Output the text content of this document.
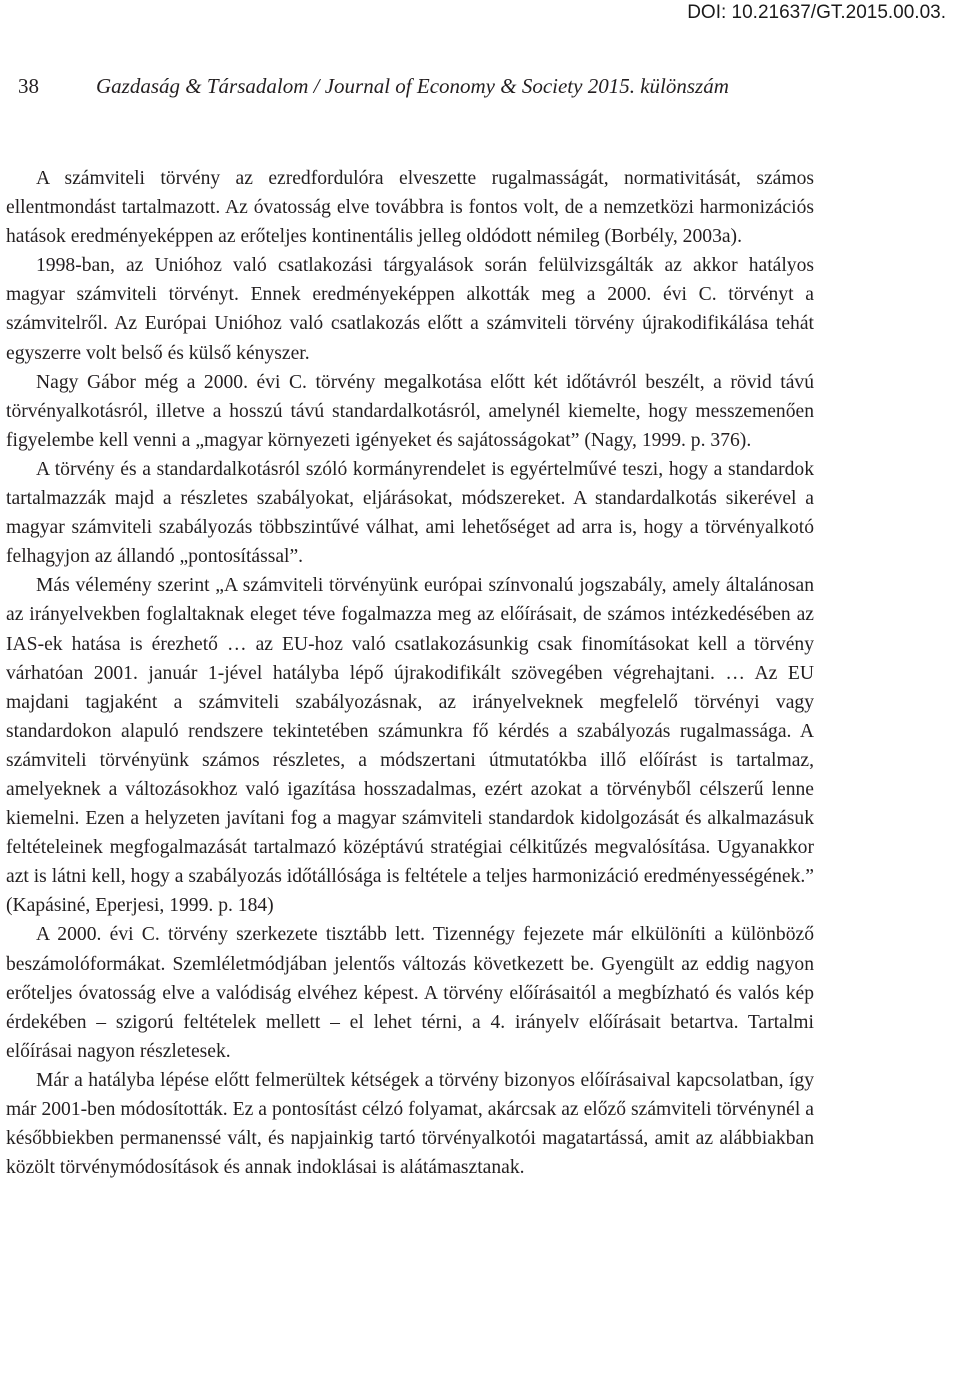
DOI: 10.21637/GT.2015.00.03.
38	Gazdaság & Társadalom / Journal of Economy & Society 2015. különszám

A számviteli törvény az ezredfordulóra elveszette rugalmasságát, normativitását, számos ellentmondást tartalmazott. Az óvatosság elve továbbra is fontos volt, de a nemzetközi harmonizációs hatások eredményeképpen az erőteljes kontinentális jelleg oldódott némileg (Borbély, 2003a).

1998-ban, az Unióhoz való csatlakozási tárgyalások során felülvizsgálták az akkor hatályos magyar számviteli törvényt. Ennek eredményeképpen alkották meg a 2000. évi C. törvényt a számvitelről. Az Európai Unióhoz való csatlakozás előtt a számviteli törvény újrakodifikálása tehát egyszerre volt belső és külső kényszer.

Nagy Gábor még a 2000. évi C. törvény megalkotása előtt két időtávról beszélt, a rövid távú törvényalkotásról, illetve a hosszú távú standardalkotásról, amelynél kiemelte, hogy messzemenően figyelembe kell venni a „magyar környezeti igényeket és sajátosságokat” (Nagy, 1999. p. 376).

A törvény és a standardalkotásról szóló kormányrendelet is egyértelművé teszi, hogy a standardok tartalmazzák majd a részletes szabályokat, eljárásokat, módszereket. A standardalkotás sikerével a magyar számviteli szabályozás többszintűvé válhat, ami lehetőséget ad arra is, hogy a törvényalkotó felhagyjon az állandó „pontosítással”.

Más vélemény szerint „A számviteli törvényünk európai színvonalú jogszabály, amely általánosan az irányelvekben foglaltaknak eleget téve fogalmazza meg az előírásait, de számos intézkedésében az IAS-ek hatása is érezhető … az EU-hoz való csatlakozásunkig csak finomításokat kell a törvény várhatóan 2001. január 1-jével hatályba lépő újrakodifikált szövegében végrehajtani. … Az EU majdani tagjaként a számviteli szabályozásnak, az irányelveknek megfelelő törvényi vagy standardokon alapuló rendszere tekintetében számunkra fő kérdés a szabályozás rugalmassága. A számviteli törvényünk számos részletes, a módszertani útmutatókba illő előírást is tartalmaz, amelyeknek a változásokhoz való igazítása hosszadalmas, ezért azokat a törvényből célszerű lenne kiemelni. Ezen a helyzeten javítani fog a magyar számviteli standardok kidolgozását és alkalmazásuk feltételeinek megfogalmazását tartalmazó középtávú stratégiai célkitűzés megvalósítása. Ugyanakkor azt is látni kell, hogy a szabályozás időtállósága is feltétele a teljes harmonizáció eredményességének.” (Kapásiné, Eperjesi, 1999. p. 184)

A 2000. évi C. törvény szerkezete tisztább lett. Tizennégy fejezete már elkülöníti a különböző beszámolóformákat. Szemléletmódjában jelentős változás következett be. Gyengült az eddig nagyon erőteljes óvatosság elve a valódiság elvéhez képest. A törvény előírásaitól a megbízható és valós kép érdekében – szigorú feltételek mellett – el lehet térni, a 4. irányelv előírásait betartva. Tartalmi előírásai nagyon részletesek.

Már a hatályba lépése előtt felmerültek kétségek a törvény bizonyos előírásaival kapcsolatban, így már 2001-ben módosították. Ez a pontosítást célzó folyamat, akárcsak az előző számviteli törvénynél a későbbiekben permanenssé vált, és napjainkig tartó törvényalkotói magatartássá, amit az alábbiakban közölt törvénymódosítások és annak indoklásai is alátámasztanak.
